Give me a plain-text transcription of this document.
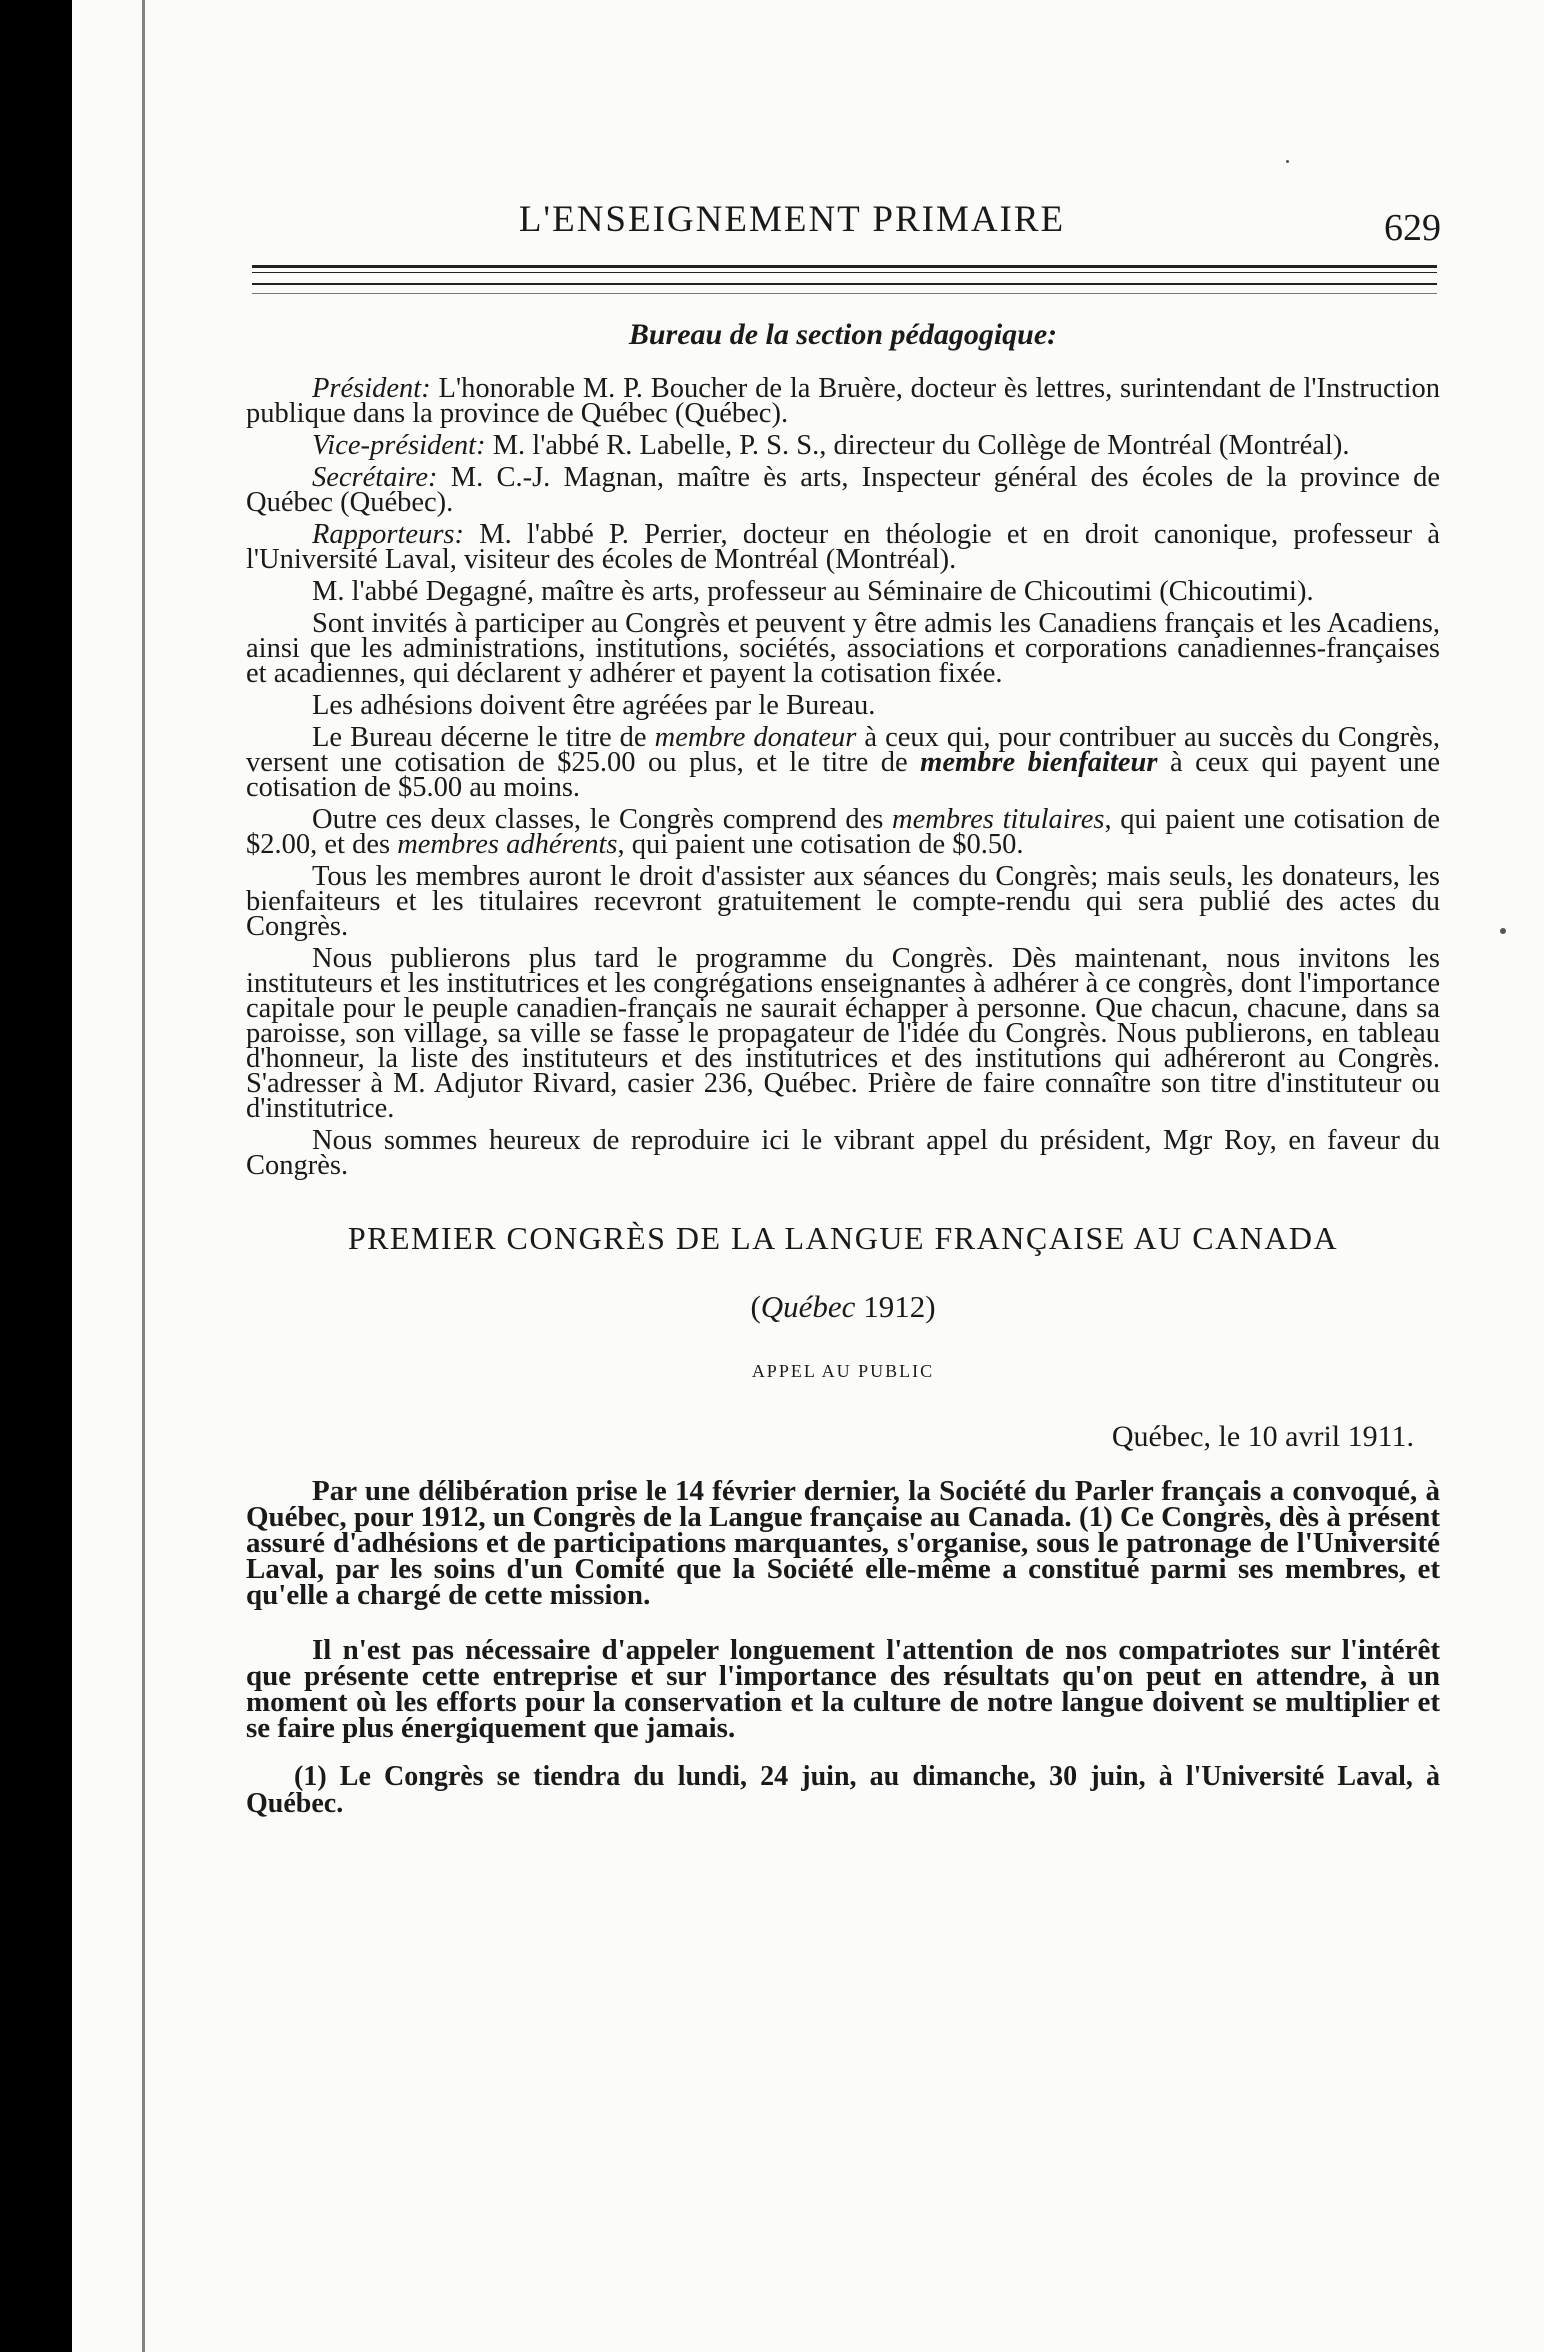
L'ENSEIGNEMENT PRIMAIRE	629
Bureau de la section pédagogique:

Président: L'honorable M. P. Boucher de la Bruère, docteur ès lettres, surintendant de l'Instruction publique dans la province de Québec (Québec).

Vice-président: M. l'abbé R. Labelle, P. S. S., directeur du Collège de Montréal (Montréal).

Secrétaire: M. C.-J. Magnan, maître ès arts, Inspecteur général des écoles de la province de Québec (Québec).

Rapporteurs: M. l'abbé P. Perrier, docteur en théologie et en droit canonique, professeur à l'Université Laval, visiteur des écoles de Montréal (Montréal).

M. l'abbé Degagné, maître ès arts, professeur au Séminaire de Chicoutimi (Chicoutimi).

Sont invités à participer au Congrès et peuvent y être admis les Canadiens français et les Acadiens, ainsi que les administrations, institutions, sociétés, associations et corporations canadiennes-françaises et acadiennes, qui déclarent y adhérer et payent la cotisation fixée.

Les adhésions doivent être agréées par le Bureau.

Le Bureau décerne le titre de membre donateur à ceux qui, pour contribuer au succès du Congrès, versent une cotisation de $25.00 ou plus, et le titre de membre bienfaiteur à ceux qui payent une cotisation de $5.00 au moins.

Outre ces deux classes, le Congrès comprend des membres titulaires, qui paient une cotisation de $2.00, et des membres adhérents, qui paient une cotisation de $0.50.

Tous les membres auront le droit d'assister aux séances du Congrès; mais seuls, les donateurs, les bienfaiteurs et les titulaires recevront gratuitement le compte-rendu qui sera publié des actes du Congrès.

Nous publierons plus tard le programme du Congrès. Dès maintenant, nous invitons les instituteurs et les institutrices et les congrégations enseignantes à adhérer à ce congrès, dont l'importance capitale pour le peuple canadien-français ne saurait échapper à personne. Que chacun, chacune, dans sa paroisse, son village, sa ville se fasse le propagateur de l'idée du Congrès. Nous publierons, en tableau d'honneur, la liste des instituteurs et des institutrices et des institutions qui adhéreront au Congrès. S'adresser à M. Adjutor Rivard, casier 236, Québec. Prière de faire connaître son titre d'instituteur ou d'institutrice.

Nous sommes heureux de reproduire ici le vibrant appel du président, Mgr Roy, en faveur du Congrès.

PREMIER CONGRÈS DE LA LANGUE FRANÇAISE AU CANADA
(Québec 1912)
APPEL AU PUBLIC
Québec, le 10 avril 1911.

Par une délibération prise le 14 février dernier, la Société du Parler français a convoqué, à Québec, pour 1912, un Congrès de la Langue française au Canada. (1) Ce Congrès, dès à présent assuré d'adhésions et de participations marquantes, s'organise, sous le patronage de l'Université Laval, par les soins d'un Comité que la Société elle-même a constitué parmi ses membres, et qu'elle a chargé de cette mission.

Il n'est pas nécessaire d'appeler longuement l'attention de nos compatriotes sur l'intérêt que présente cette entreprise et sur l'importance des résultats qu'on peut en attendre, à un moment où les efforts pour la conservation et la culture de notre langue doivent se multiplier et se faire plus énergiquement que jamais.

(1) Le Congrès se tiendra du lundi, 24 juin, au dimanche, 30 juin, à l'Université Laval, à Québec.
